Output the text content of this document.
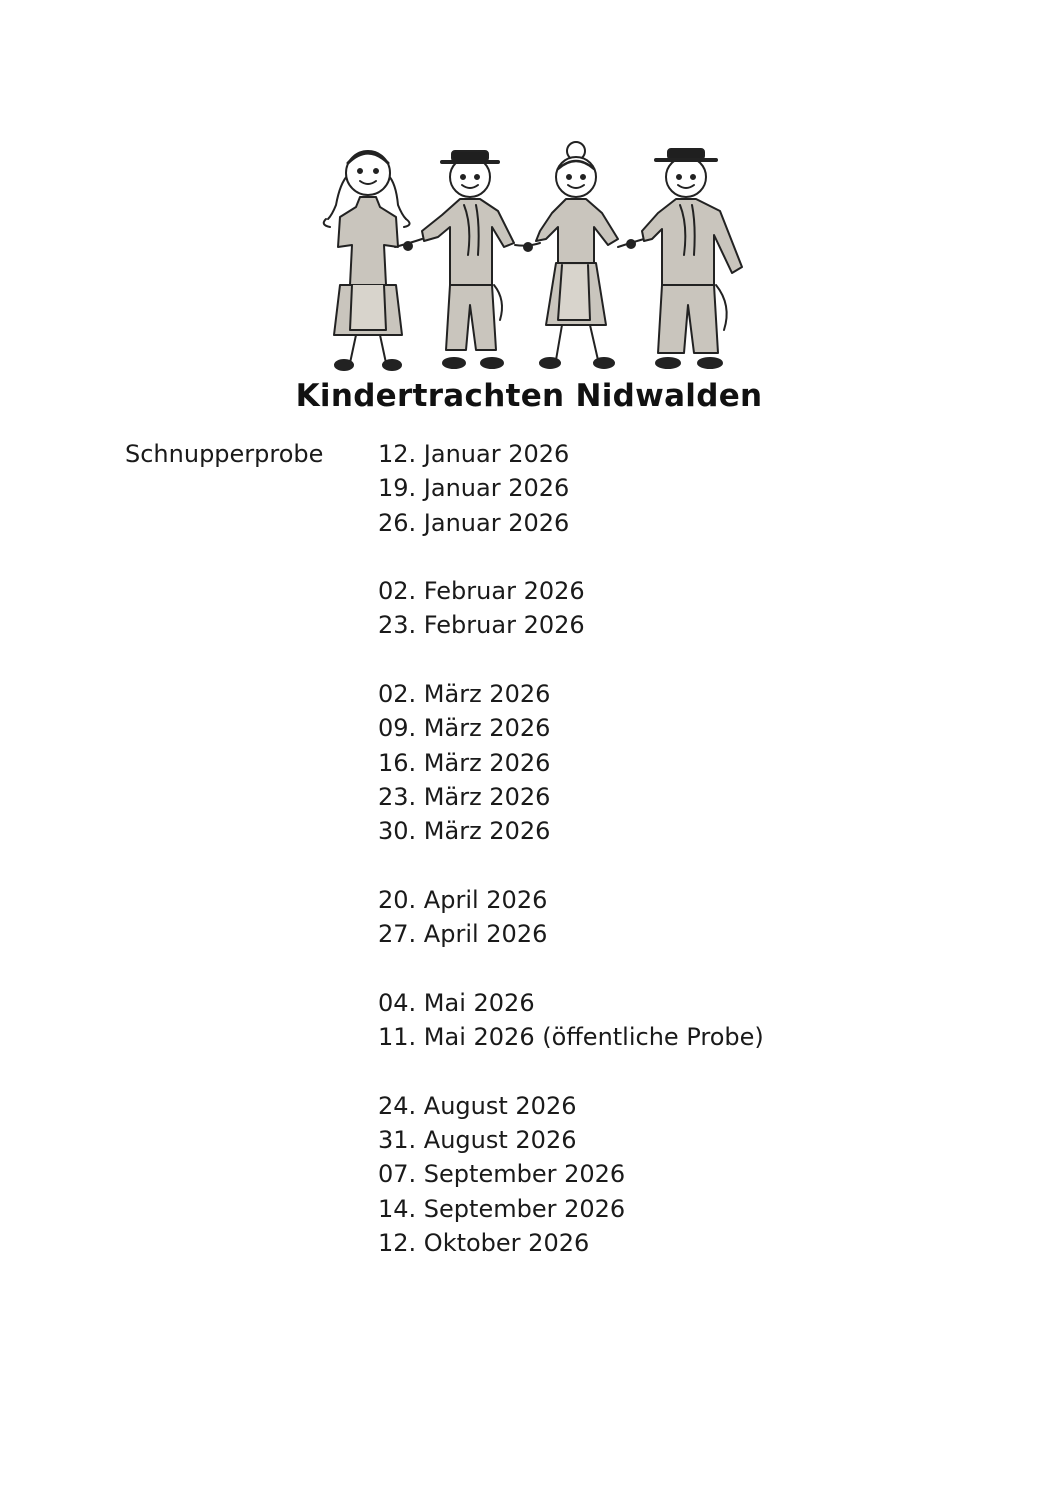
Kindertrachten Nidwalden
Schnupperprobe 12. Januar 2026
19. Januar 2026
26. Januar 2026
02. Februar 2026
23. Februar 2026
02. März 2026
09. März 2026
16. März 2026
23. März 2026
30. März 2026
20. April 2026
27. April 2026
04. Mai 2026
11. Mai 2026 (öffentliche Probe)
24. August 2026
31. August 2026
07. September 2026
14. September 2026
12. Oktober 2026
